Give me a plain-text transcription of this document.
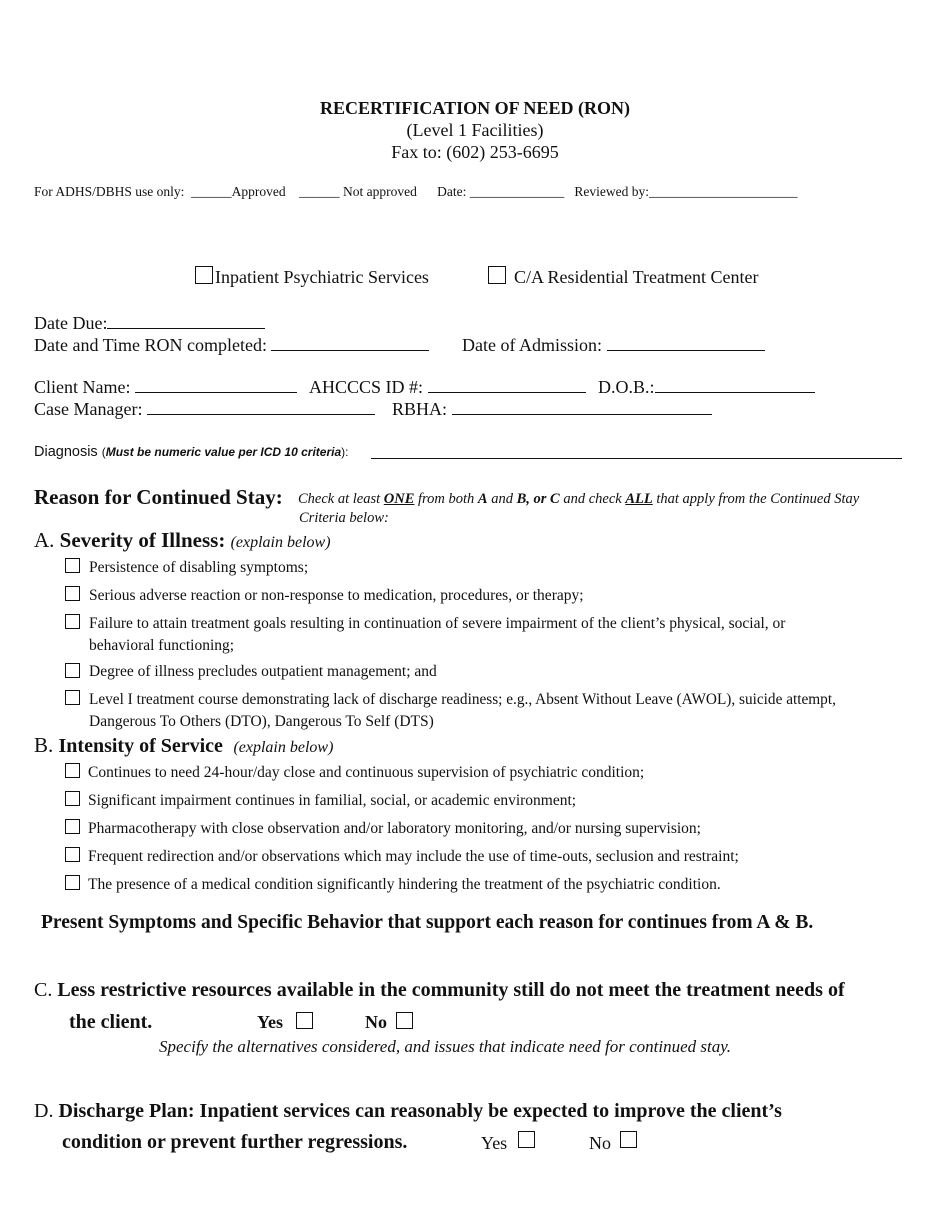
RECERTIFICATION OF NEED (RON)
(Level 1 Facilities)
Fax to: (602) 253-6695
For ADHS/DBHS use only: ______Approved ______ Not approved Date: ______________ Reviewed by:______________________
Inpatient Psychiatric Services	C/A Residential Treatment Center
Date Due:
Date and Time RON completed:	Date of Admission:
Client Name:	AHCCCS ID #:	D.O.B.:
Case Manager:	RBHA:
Diagnosis (Must be numeric value per ICD 10 criteria):
Reason for Continued Stay: Check at least ONE from both A and B, or C and check ALL that apply from the Continued Stay
Criteria below:
A. Severity of Illness: (explain below)
Persistence of disabling symptoms;
Serious adverse reaction or non-response to medication, procedures, or therapy;
Failure to attain treatment goals resulting in continuation of severe impairment of the client’s physical, social, or
behavioral functioning;
Degree of illness precludes outpatient management; and
Level I treatment course demonstrating lack of discharge readiness; e.g., Absent Without Leave (AWOL), suicide attempt,
Dangerous To Others (DTO), Dangerous To Self (DTS)
B. Intensity of Service (explain below)
Continues to need 24-hour/day close and continuous supervision of psychiatric condition;
Significant impairment continues in familial, social, or academic environment;
Pharmacotherapy with close observation and/or laboratory monitoring, and/or nursing supervision;
Frequent redirection and/or observations which may include the use of time-outs, seclusion and restraint;
The presence of a medical condition significantly hindering the treatment of the psychiatric condition.
Present Symptoms and Specific Behavior that support each reason for continues from A & B.
C. Less restrictive resources available in the community still do not meet the treatment needs of
the client.	Yes	No
Specify the alternatives considered, and issues that indicate need for continued stay.
D. Discharge Plan: Inpatient services can reasonably be expected to improve the client’s
condition or prevent further regressions.	Yes	No
